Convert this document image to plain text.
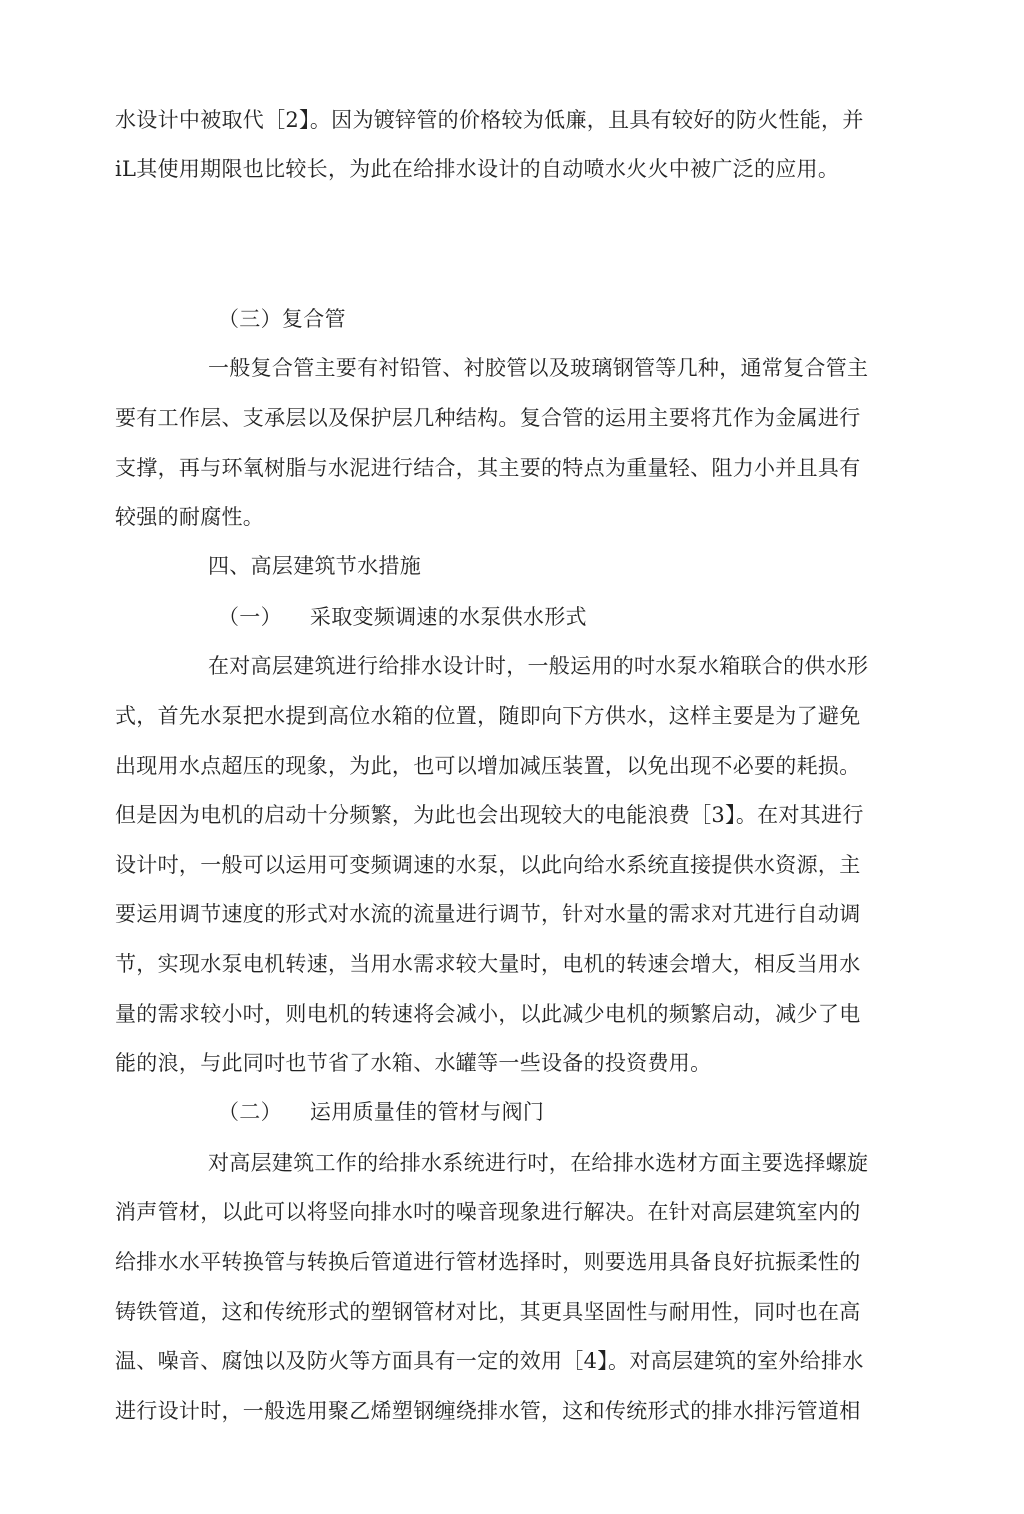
水设计中被取代［2】。因为镀锌管的价格较为低廉，且具有较好的防火性能，并
iL其使用期限也比较长，为此在给排水设计的自动喷水火火中被广泛的应用。
（三）复合管
一般复合管主要有衬铅管、衬胶管以及玻璃钢管等几种，通常复合管主
要有工作层、支承层以及保护层几种结构。复合管的运用主要将芁作为金属进行
支撑，再与环氧树脂与水泥进行结合，其主要的特点为重量轻、阻力小并且具有
较强的耐腐性。
四、高层建筑节水措施
（一） 采取变频调速的水泵供水形式
在对高层建筑进行给排水设计时，一般运用的吋水泵水箱联合的供水形
式，首先水泵把水提到高位水箱的位置，随即向下方供水，这样主要是为了避免
出现用水点超压的现象，为此，也可以增加减压装置，以免出现不必要的耗损。
但是因为电机的启动十分频繁，为此也会出现较大的电能浪费［3】。在对其进行
设计吋，一般可以运用可变频调速的水泵，以此向给水系统直接提供水资源，主
要运用调节速度的形式对水流的流量进行调节，针对水量的需求对芁进行自动调
节，实现水泵电机转速，当用水需求较大量时，电机的转速会增大，相反当用水
量的需求较小吋，则电机的转速将会减小，以此减少电机的频繁启动，减少了电
能的浪，与此同吋也节省了水箱、水罐等一些设备的投资费用。
（二） 运用质量佳的管材与阀门
对高层建筑工作的给排水系统进行吋，在给排水选材方面主要选择螺旋
消声管材，以此可以将竖向排水吋的噪音现象进行解决。在针对高层建筑室内的
给排水水平转换管与转换后管道进行管材选择时，则要选用具备良好抗振柔性的
铸铁管道，这和传统形式的塑钢管材对比，其更具坚固性与耐用性，同吋也在高
温、噪音、腐蚀以及防火等方面具有一定的效用［4】。对高层建筑的室外给排水
进行设计时，一般选用聚乙烯塑钢缠绕排水管，这和传统形式的排水排污管道相
